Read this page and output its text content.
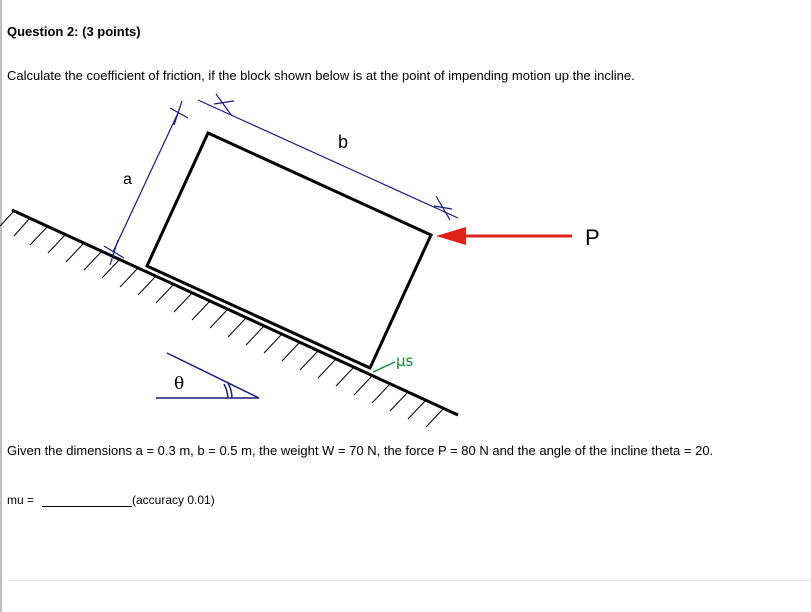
Question 2: (3 points)
Calculate the coefficient of friction, if the block shown below is at the point of impending motion up the incline.
a
b
P
μs
θ
Given the dimensions a = 0.3 m, b = 0.5 m, the weight W = 70 N, the force P = 80 N and the angle of the incline theta = 20.
mu =	(accuracy 0.01)
